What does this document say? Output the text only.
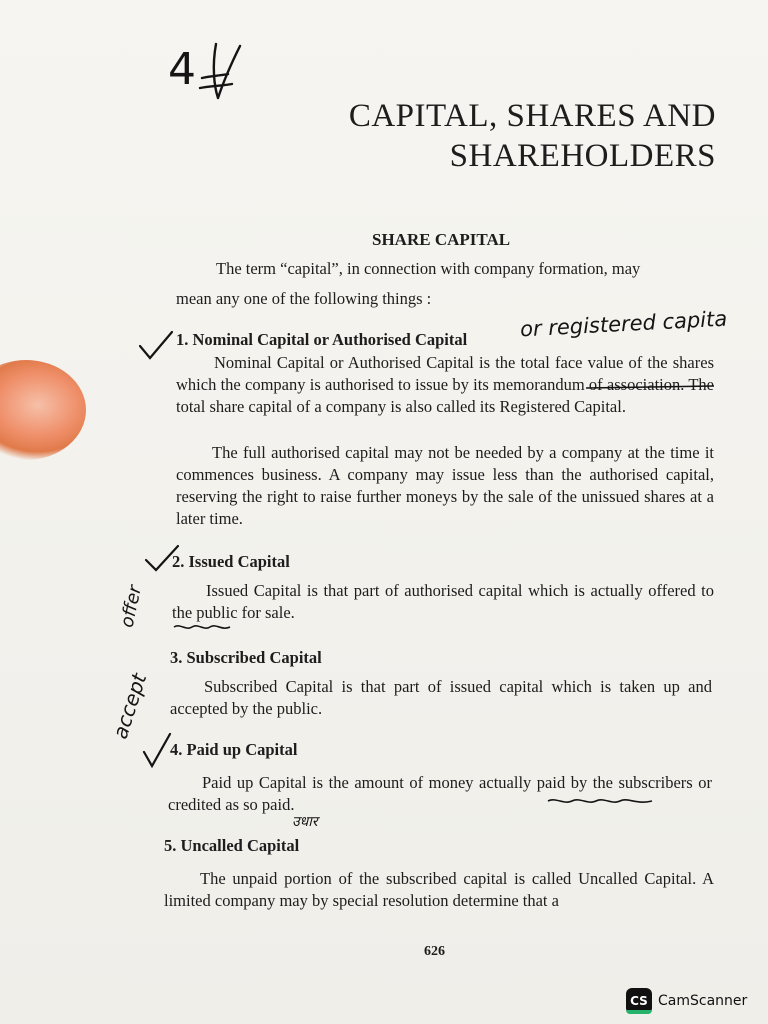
4
CAPITAL, SHARES AND
SHAREHOLDERS
SHARE CAPITAL
The term “capital”, in connection with company formation, may
mean any one of the following things :
1. Nominal Capital or Authorised Capital or registered capita
Nominal Capital or Authorised Capital is the total face value of the shares which the company is authorised to issue by its memorandum of association. The total share capital of a company is also called its Registered Capital.
The full authorised capital may not be needed by a company at the time it commences business. A company may issue less than the authorised capital, reserving the right to raise further moneys by the sale of the unissued shares at a later time.
2. Issued Capital
Issued Capital is that part of authorised capital which is actually offered to the public for sale.
offer
3. Subscribed Capital
Subscribed Capital is that part of issued capital which is taken up and accepted by the public.
accept
4. Paid up Capital
Paid up Capital is the amount of money actually paid by the subscribers or credited as so paid.
उधार
5. Uncalled Capital
The unpaid portion of the subscribed capital is called Uncalled Capital. A limited company may by special resolution determine that a
626
CS CamScanner
